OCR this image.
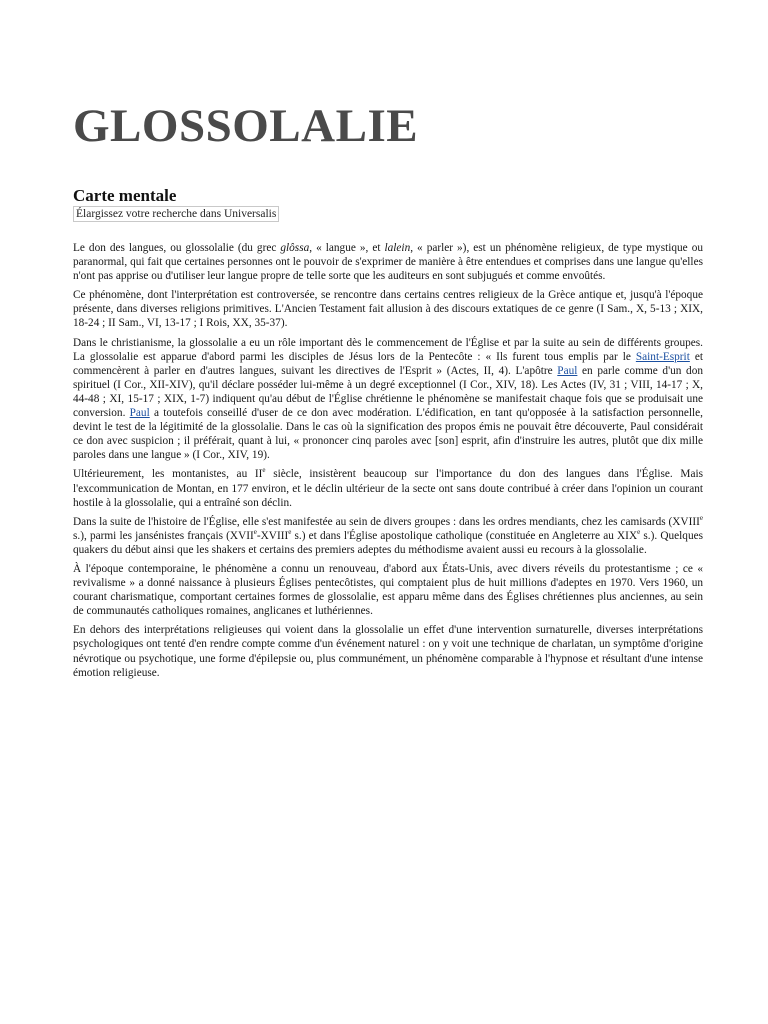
GLOSSOLALIE
Carte mentale
Élargissez votre recherche dans Universalis

Le don des langues, ou glossolalie (du grec glôssa, « langue », et lalein, « parler »), est un phénomène religieux, de type mystique ou paranormal, qui fait que certaines personnes ont le pouvoir de s'exprimer de manière à être entendues et comprises dans une langue qu'elles n'ont pas apprise ou d'utiliser leur langue propre de telle sorte que les auditeurs en sont subjugués et comme envoûtés.

Ce phénomène, dont l'interprétation est controversée, se rencontre dans certains centres religieux de la Grèce antique et, jusqu'à l'époque présente, dans diverses religions primitives. L'Ancien Testament fait allusion à des discours extatiques de ce genre (I Sam., X, 5-13 ; XIX, 18-24 ; II Sam., VI, 13-17 ; I Rois, XX, 35-37).

Dans le christianisme, la glossolalie a eu un rôle important dès le commencement de l'Église et par la suite au sein de différents groupes. La glossolalie est apparue d'abord parmi les disciples de Jésus lors de la Pentecôte : « Ils furent tous emplis par le Saint-Esprit et commencèrent à parler en d'autres langues, suivant les directives de l'Esprit » (Actes, II, 4). L'apôtre Paul en parle comme d'un don spirituel (I Cor., XII-XIV), qu'il déclare posséder lui-même à un degré exceptionnel (I Cor., XIV, 18). Les Actes (IV, 31 ; VIII, 14-17 ; X, 44-48 ; XI, 15-17 ; XIX, 1-7) indiquent qu'au début de l'Église chrétienne le phénomène se manifestait chaque fois que se produisait une conversion. Paul a toutefois conseillé d'user de ce don avec modération. L'édification, en tant qu'opposée à la satisfaction personnelle, devint le test de la légitimité de la glossolalie. Dans le cas où la signification des propos émis ne pouvait être découverte, Paul considérait ce don avec suspicion ; il préférait, quant à lui, « prononcer cinq paroles avec [son] esprit, afin d'instruire les autres, plutôt que dix mille paroles dans une langue » (I Cor., XIV, 19).

Ultérieurement, les montanistes, au IIe siècle, insistèrent beaucoup sur l'importance du don des langues dans l'Église. Mais l'excommunication de Montan, en 177 environ, et le déclin ultérieur de la secte ont sans doute contribué à créer dans l'opinion un courant hostile à la glossolalie, qui a entraîné son déclin.

Dans la suite de l'histoire de l'Église, elle s'est manifestée au sein de divers groupes : dans les ordres mendiants, chez les camisards (XVIIIe s.), parmi les jansénistes français (XVIIe-XVIIIe s.) et dans l'Église apostolique catholique (constituée en Angleterre au XIXe s.). Quelques quakers du début ainsi que les shakers et certains des premiers adeptes du méthodisme avaient aussi eu recours à la glossolalie.

À l'époque contemporaine, le phénomène a connu un renouveau, d'abord aux États-Unis, avec divers réveils du protestantisme ; ce « revivalisme » a donné naissance à plusieurs Églises pentecôtistes, qui comptaient plus de huit millions d'adeptes en 1970. Vers 1960, un courant charismatique, comportant certaines formes de glossolalie, est apparu même dans des Églises chrétiennes plus anciennes, au sein de communautés catholiques romaines, anglicanes et luthériennes.

En dehors des interprétations religieuses qui voient dans la glossolalie un effet d'une intervention surnaturelle, diverses interprétations psychologiques ont tenté d'en rendre compte comme d'un événement naturel : on y voit une technique de charlatan, un symptôme d'origine névrotique ou psychotique, une forme d'épilepsie ou, plus communément, un phénomène comparable à l'hypnose et résultant d'une intense émotion religieuse.
